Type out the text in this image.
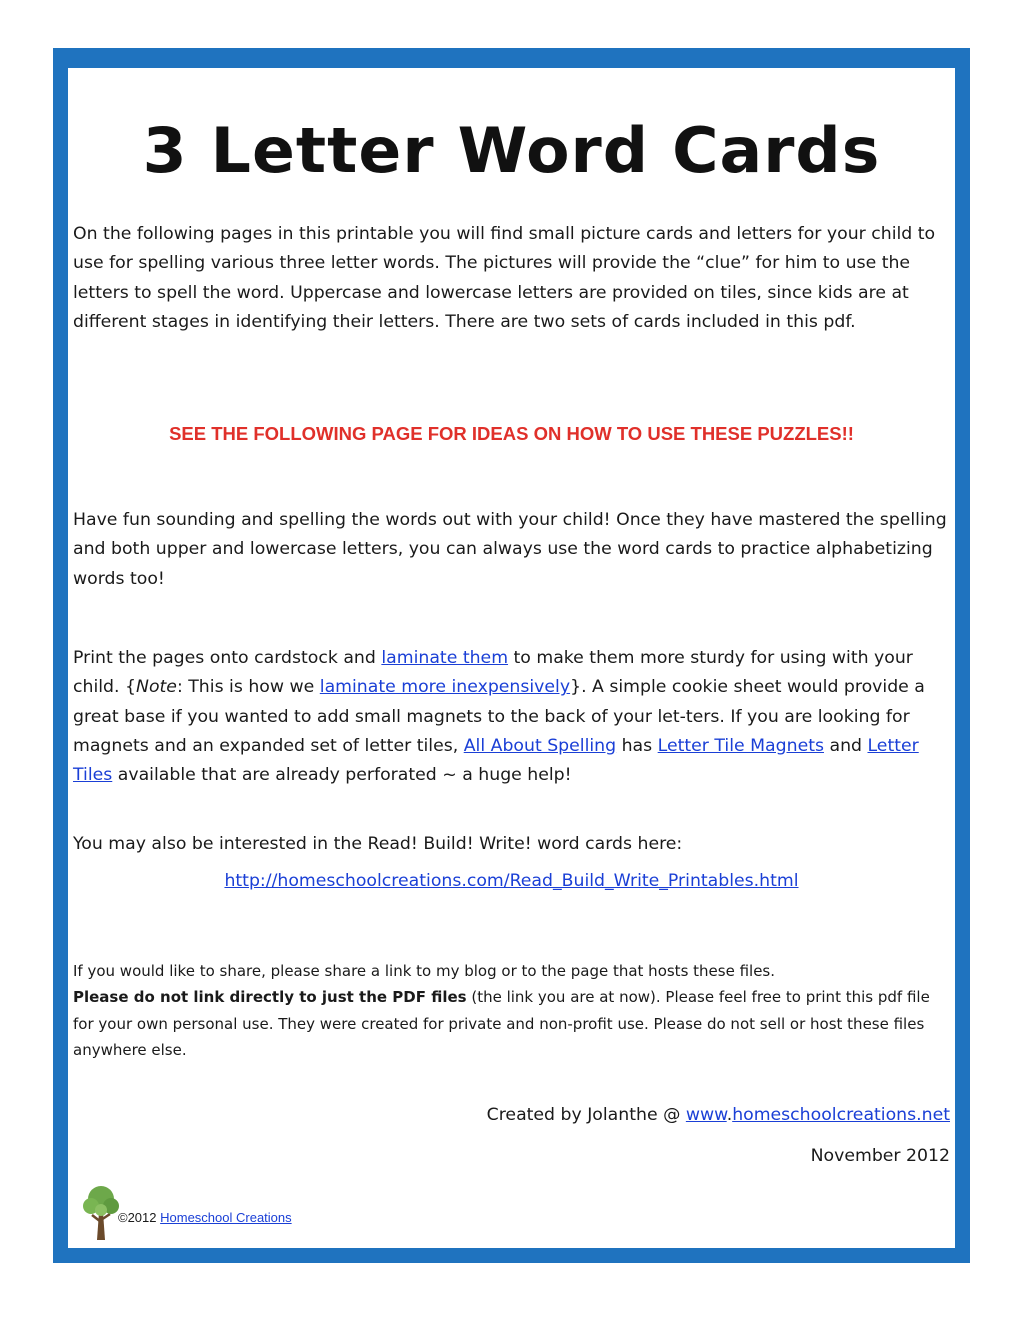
3 Letter Word Cards
On the following pages in this printable you will find small picture cards and letters for your child to use for spelling various three letter words. The pictures will provide the “clue” for him to use the letters to spell the word. Uppercase and lowercase letters are provided on tiles, since kids are at different stages in identifying their letters. There are two sets of cards included in this pdf.
SEE THE FOLLOWING PAGE FOR IDEAS ON HOW TO USE THESE PUZZLES!!
Have fun sounding and spelling the words out with your child! Once they have mastered the spelling and both upper and lowercase letters, you can always use the word cards to practice alphabetizing words too!
Print the pages onto cardstock and laminate them to make them more sturdy for using with your child. {Note: This is how we laminate more inexpensively}. A simple cookie sheet would provide a great base if you wanted to add small magnets to the back of your let-ters. If you are looking for magnets and an expanded set of letter tiles, All About Spelling has Letter Tile Magnets and Letter Tiles available that are already perforated ~ a huge help!
You may also be interested in the Read! Build! Write! word cards here:
http://homeschoolcreations.com/Read_Build_Write_Printables.html
If you would like to share, please share a link to my blog or to the page that hosts these files.
Please do not link directly to just the PDF files (the link you are at now). Please feel free to print this pdf file for your own personal use. They were created for private and non-profit use. Please do not sell or host these files anywhere else.
Created by Jolanthe @ www.homeschoolcreations.net
November 2012
©2012 Homeschool Creations
